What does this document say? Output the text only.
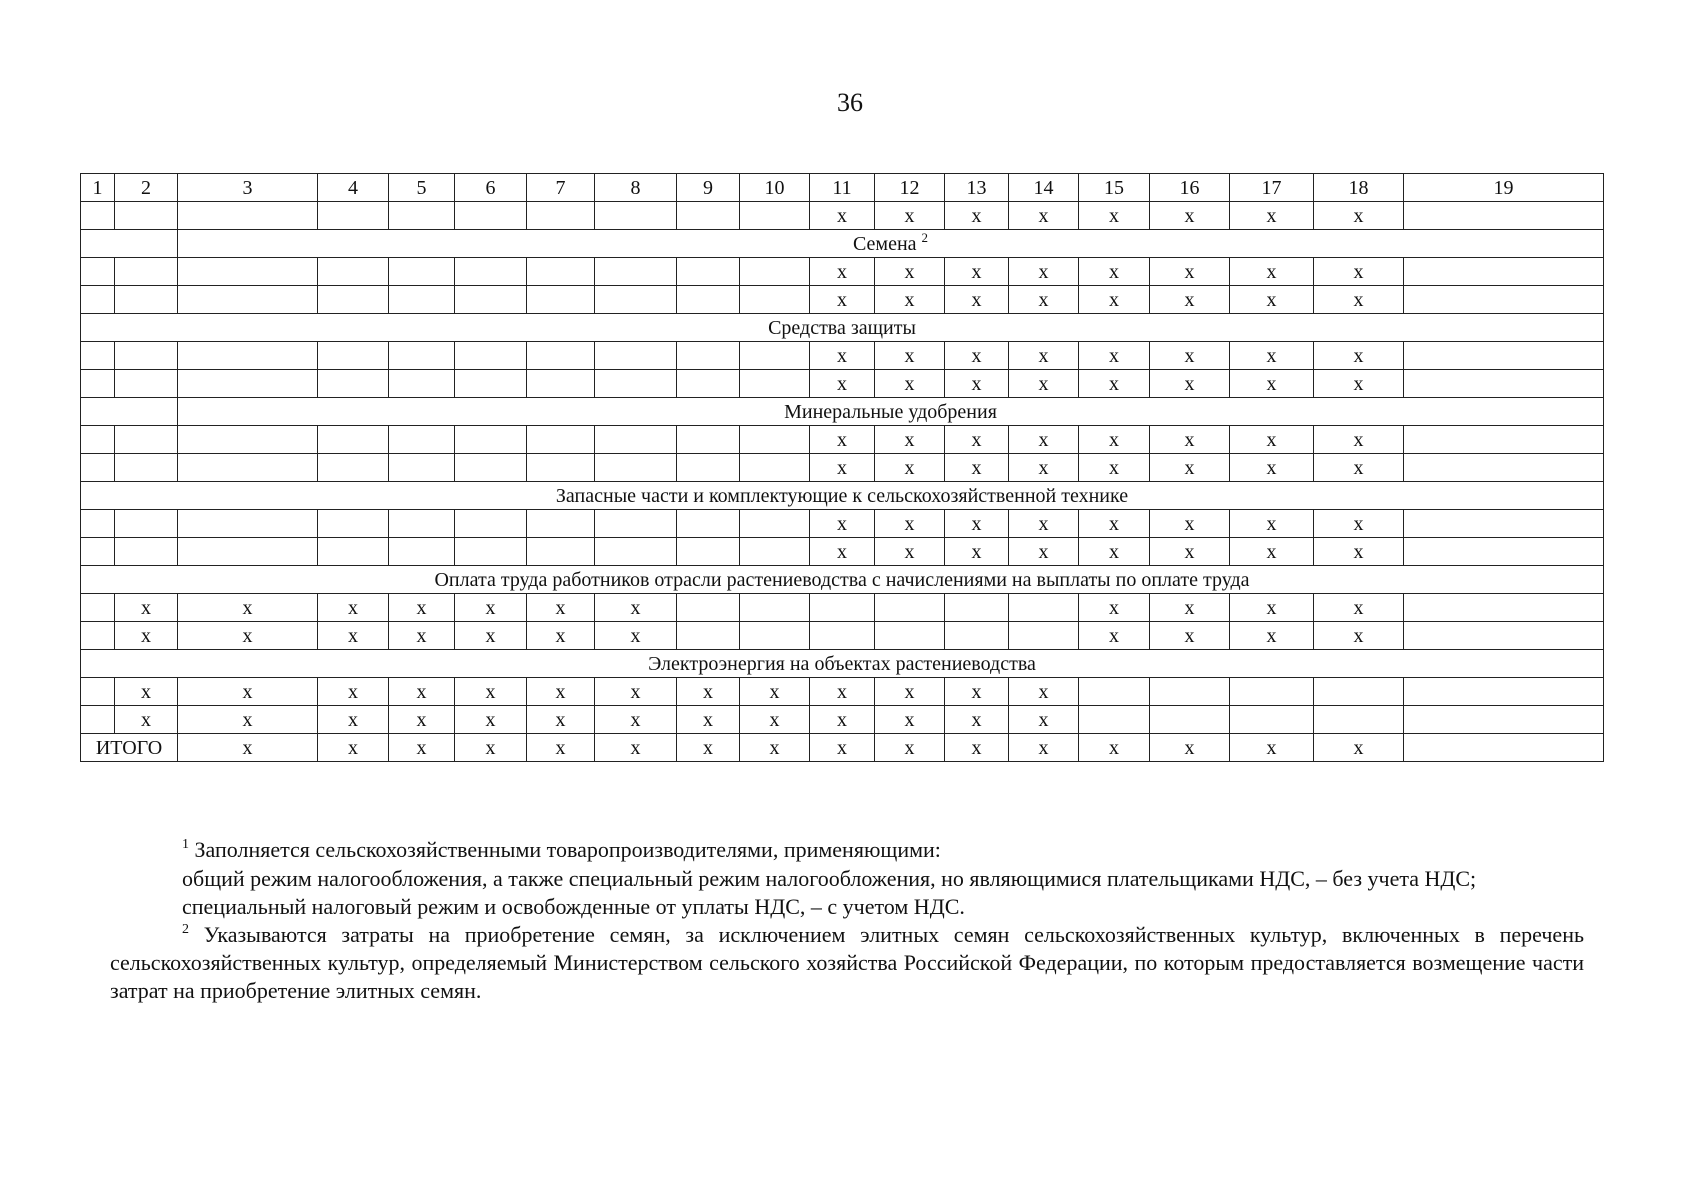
36
1	2	3	4	5	6	7	8	9	10	11	12	13	14	15	16	17	18	19
										x	x	x	x	x	x	x	x	
		Семена $^2$
										x	x	x	x	x	x	x	x	
										x	x	x	x	x	x	x	x	
Средства защиты																		
										x	x	x	x	x	x	x	x	
										x	x	x	x	x	x	x	x	
		Минеральные удобрения																
										x	x	x	x	x	x	x	x	
										x	x	x	x	x	x	x	x	
Запасные части и комплектующие к сельскохозяйственной технике																		
										x	x	x	x	x	x	x	x	
										x	x	x	x	x	x	x	x	
Оплата труда работников отрасли растениеводства с начислениями на выплаты по оплате труда																		
	x	x	x	x	x	x	x							x	x	x	x	
	x	x	x	x	x	x	x							x	x	x	x	
Электроэнергия на объектах растениеводства																		
	x	x	x	x	x	x	x	x	x	x	x	x	x					
	x	x	x	x	x	x	x	x	x	x	x	x	x					
ИТОГО		x	x	x	x	x	x	x	x	x	x	x	x	x	x	x	x	

$^1$ Заполняется сельскохозяйственными товаропроизводителями, применяющими:

общий режим налогообложения, а также специальный режим налогообложения, но являющимися плательщиками НДС, – без учета НДС;

специальный налоговый режим и освобожденные от уплаты НДС, – с учетом НДС.

$^2$ Указываются затраты на приобретение семян, за исключением элитных семян сельскохозяйственных культур, включенных в перечень сельскохозяйственных культур, определяемый Министерством сельского хозяйства Российской Федерации, по которым предоставляется возмещение части затрат на приобретение элитных семян.
